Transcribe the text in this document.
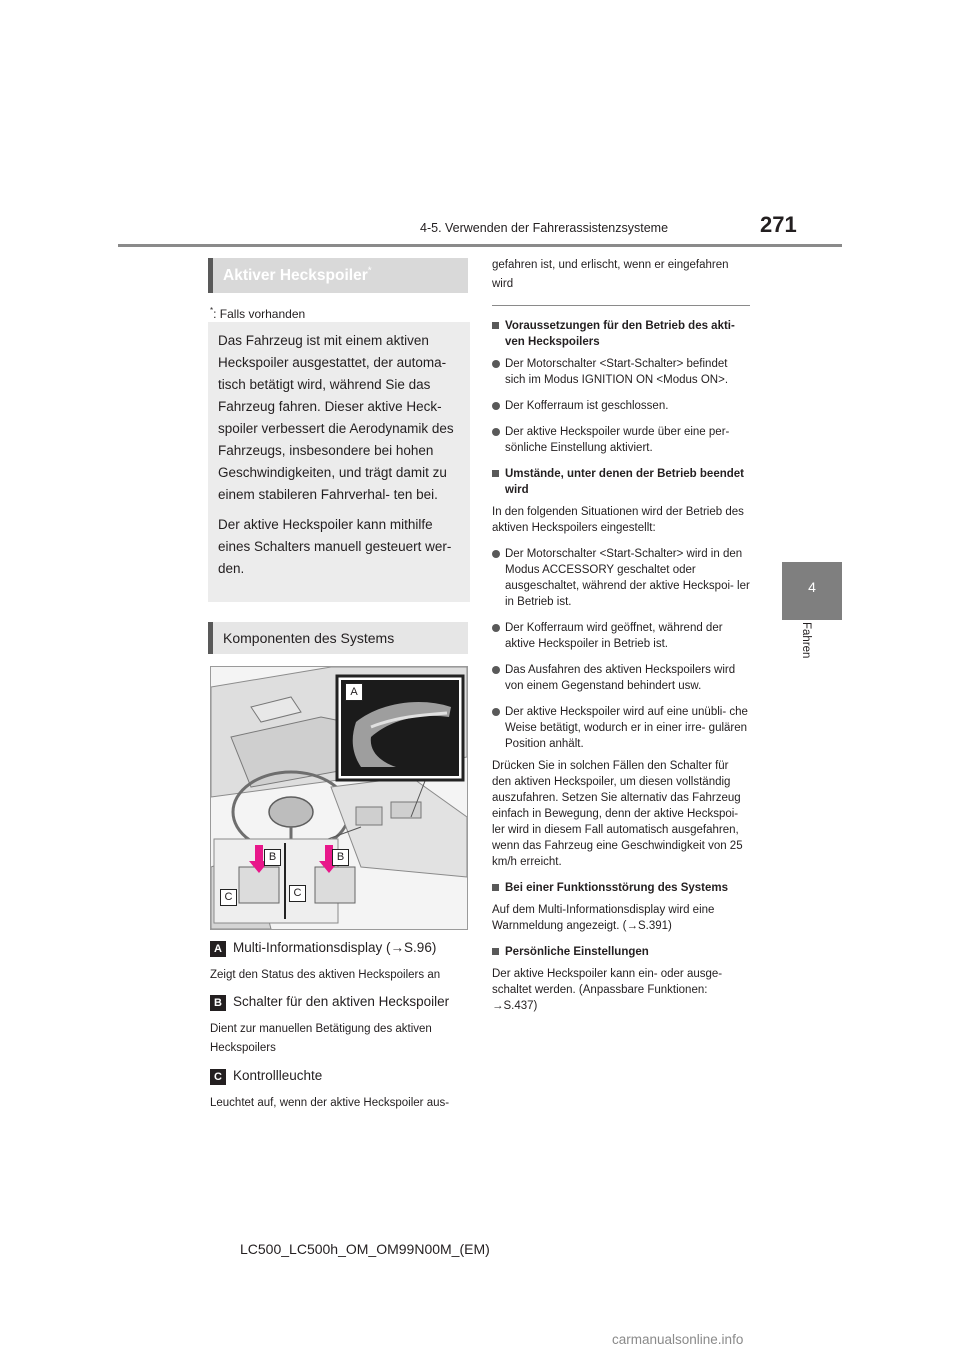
4-5. Verwenden der Fahrerassistenzsysteme	271
4
Fahren
Aktiver Heckspoiler*
*: Falls vorhanden

Das Fahrzeug ist mit einem aktiven Heckspoiler ausgestattet, der automa- tisch betätigt wird, während Sie das Fahrzeug fahren. Dieser aktive Heck- spoiler verbessert die Aerodynamik des Fahrzeugs, insbesondere bei hohen Geschwindigkeiten, und trägt damit zu einem stabileren Fahrverhal- ten bei.

Der aktive Heckspoiler kann mithilfe eines Schalters manuell gesteuert wer- den.

Komponenten des Systems
A
B	B
C	C
A Multi-Informationsdisplay (→S.96)
Zeigt den Status des aktiven Heckspoilers an
B Schalter für den aktiven Heckspoiler
Dient zur manuellen Betätigung des aktiven Heckspoilers
C Kontrollleuchte
Leuchtet auf, wenn der aktive Heckspoiler aus-

gefahren ist, und erlischt, wenn er eingefahren wird

Voraussetzungen für den Betrieb des akti- ven Heckspoilers

Der Motorschalter <Start-Schalter> befindet sich im Modus IGNITION ON <Modus ON>.

Der Kofferraum ist geschlossen.

Der aktive Heckspoiler wurde über eine per- sönliche Einstellung aktiviert.

Umstände, unter denen der Betrieb beendet wird

In den folgenden Situationen wird der Betrieb des aktiven Heckspoilers eingestellt:

Der Motorschalter <Start-Schalter> wird in den Modus ACCESSORY geschaltet oder ausgeschaltet, während der aktive Heckspoi- ler in Betrieb ist.

Der Kofferraum wird geöffnet, während der aktive Heckspoiler in Betrieb ist.

Das Ausfahren des aktiven Heckspoilers wird von einem Gegenstand behindert usw.

Der aktive Heckspoiler wird auf eine unübli- che Weise betätigt, wodurch er in einer irre- gulären Position anhält.

Drücken Sie in solchen Fällen den Schalter für den aktiven Heckspoiler, um diesen vollständig auszufahren. Setzen Sie alternativ das Fahrzeug einfach in Bewegung, denn der aktive Heckspoi- ler wird in diesem Fall automatisch ausgefahren, wenn das Fahrzeug eine Geschwindigkeit von 25 km/h erreicht.

Bei einer Funktionsstörung des Systems

Auf dem Multi-Informationsdisplay wird eine Warnmeldung angezeigt. (→S.391)

Persönliche Einstellungen

Der aktive Heckspoiler kann ein- oder ausge- schaltet werden. (Anpassbare Funktionen: →S.437)

LC500_LC500h_OM_OM99N00M_(EM)
carmanualsonline.info
